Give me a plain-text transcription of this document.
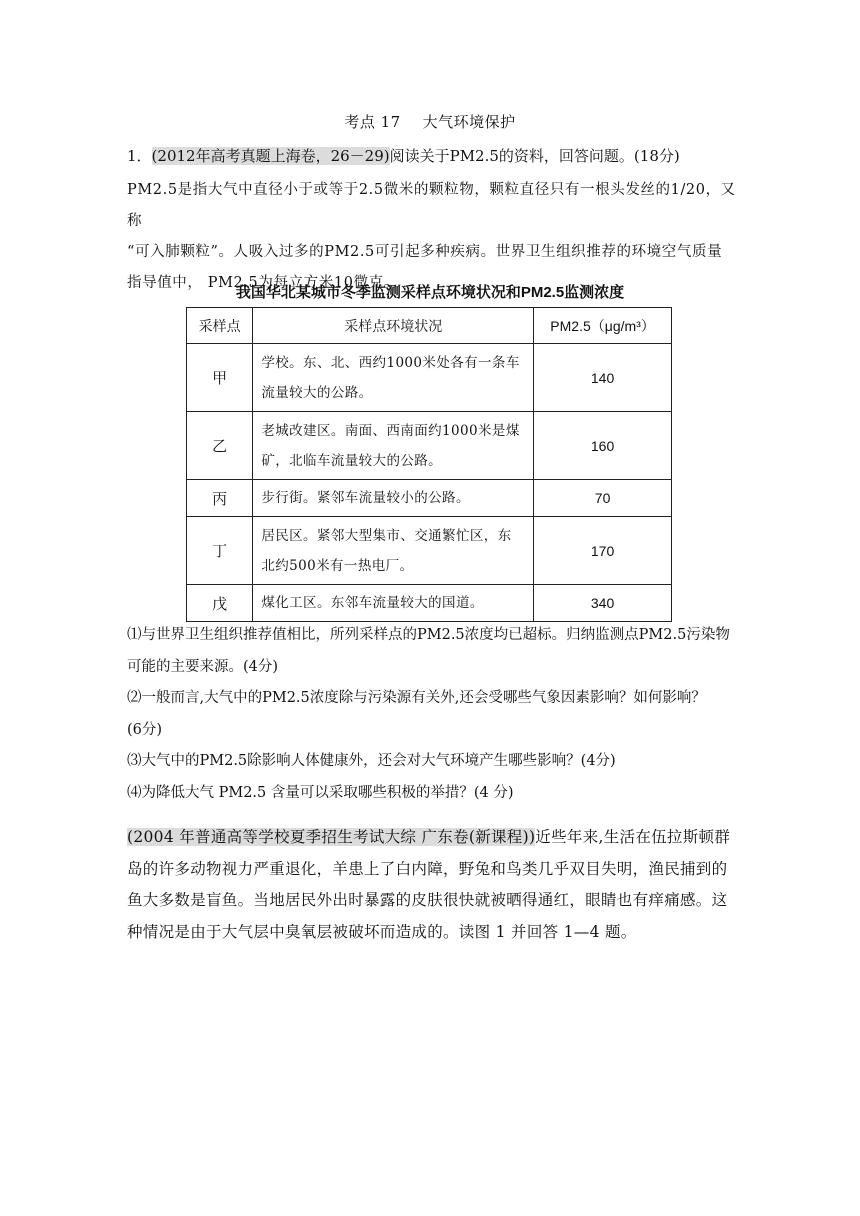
考点 17 大气环境保护
1．(2012年高考真题上海卷，26－29)阅读关于PM2.5的资料，回答问题。(18分)
PM2.5是指大气中直径小于或等于2.5微米的颗粒物，颗粒直径只有一根头发丝的1/20，又称
“可入肺颗粒”。人吸入过多的PM2.5可引起多种疾病。世界卫生组织推荐的环境空气质量
指导值中， PM2.5为每立方米10微克。
我国华北某城市冬季监测采样点环境状况和PM2.5监测浓度
采样点	采样点环境状况	PM2.5（μg/m³）
甲	学校。东、北、西约1000米处各有一条车
流量较大的公路。	140
乙	老城改建区。南面、西南面约1000米是煤
矿，北临车流量较大的公路。	160
丙	步行街。紧邻车流量较小的公路。	70
丁	居民区。紧邻大型集市、交通繁忙区，东
北约500米有一热电厂。	170
戊	煤化工区。东邻车流量较大的国道。	340

⑴与世界卫生组织推荐值相比，所列采样点的PM2.5浓度均已超标。归纳监测点PM2.5污染物
可能的主要来源。(4分)

⑵一般而言,大气中的PM2.5浓度除与污染源有关外,还会受哪些气象因素影响？如何影响？
(6分)

⑶大气中的PM2.5除影响人体健康外，还会对大气环境产生哪些影响？(4分)

⑷为降低大气 PM2.5 含量可以采取哪些积极的举措？(4 分)

(2004 年普通高等学校夏季招生考试大综 广东卷(新课程))近些年来,生活在伍拉斯顿群岛的许多动物视力严重退化，羊患上了白内障，野兔和鸟类几乎双目失明，渔民捕到的鱼大多数是盲鱼。当地居民外出时暴露的皮肤很快就被晒得通红，眼睛也有痒痛感。这种情况是由于大气层中臭氧层被破坏而造成的。读图 1 并回答 1—4 题。
